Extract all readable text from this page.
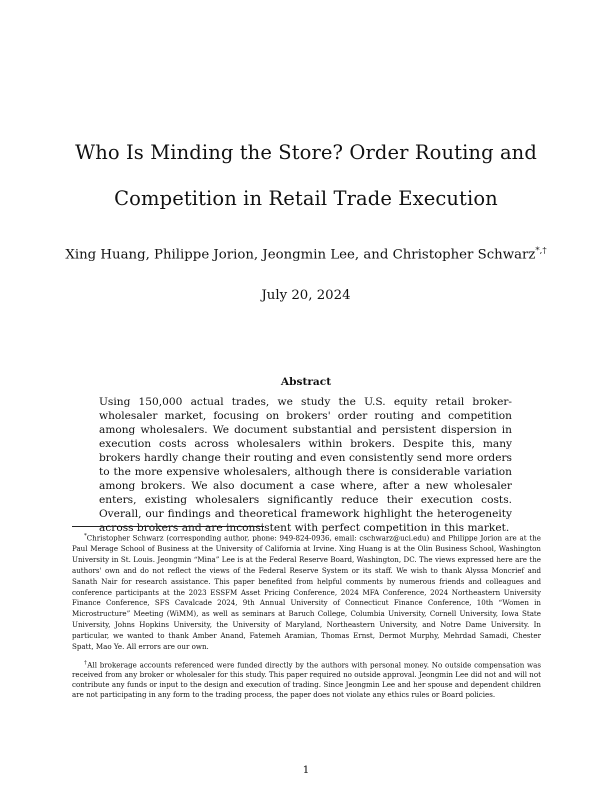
Who Is Minding the Store? Order Routing and
Competition in Retail Trade Execution
Xing Huang, Philippe Jorion, Jeongmin Lee, and Christopher Schwarz*,†
July 20, 2024
Abstract
Using 150,000 actual trades, we study the U.S. equity retail broker-wholesaler market, focusing on brokers' order routing and competition among wholesalers. We document substantial and persistent dispersion in execution costs across wholesalers within brokers. Despite this, many brokers hardly change their routing and even consistently send more orders to the more expensive wholesalers, although there is considerable variation among brokers. We also document a case where, after a new wholesaler enters, existing wholesalers significantly reduce their execution costs. Overall, our findings and theoretical framework highlight the heterogeneity across brokers and are inconsistent with perfect competition in this market.
*Christopher Schwarz (corresponding author, phone: 949-824-0936, email: cschwarz@uci.edu) and Philippe Jorion are at the Paul Merage School of Business at the University of California at Irvine. Xing Huang is at the Olin Business School, Washington University in St. Louis. Jeongmin “Mina” Lee is at the Federal Reserve Board, Washington, DC. The views expressed here are the authors' own and do not reflect the views of the Federal Reserve System or its staff. We wish to thank Alyssa Moncrief and Sanath Nair for research assistance. This paper benefited from helpful comments by numerous friends and colleagues and conference participants at the 2023 ESSFM Asset Pricing Conference, 2024 MFA Conference, 2024 Northeastern University Finance Conference, SFS Cavalcade 2024, 9th Annual University of Connecticut Finance Conference, 10th “Women in Microstructure” Meeting (WiMM), as well as seminars at Baruch College, Columbia University, Cornell University, Iowa State University, Johns Hopkins University, the University of Maryland, Northeastern University, and Notre Dame University. In particular, we wanted to thank Amber Anand, Fatemeh Aramian, Thomas Ernst, Dermot Murphy, Mehrdad Samadi, Chester Spatt, Mao Ye. All errors are our own.
†All brokerage accounts referenced were funded directly by the authors with personal money. No outside compensation was received from any broker or wholesaler for this study. This paper required no outside approval. Jeongmin Lee did not and will not contribute any funds or input to the design and execution of trading. Since Jeongmin Lee and her spouse and dependent children are not participating in any form to the trading process, the paper does not violate any ethics rules or Board policies.
1
